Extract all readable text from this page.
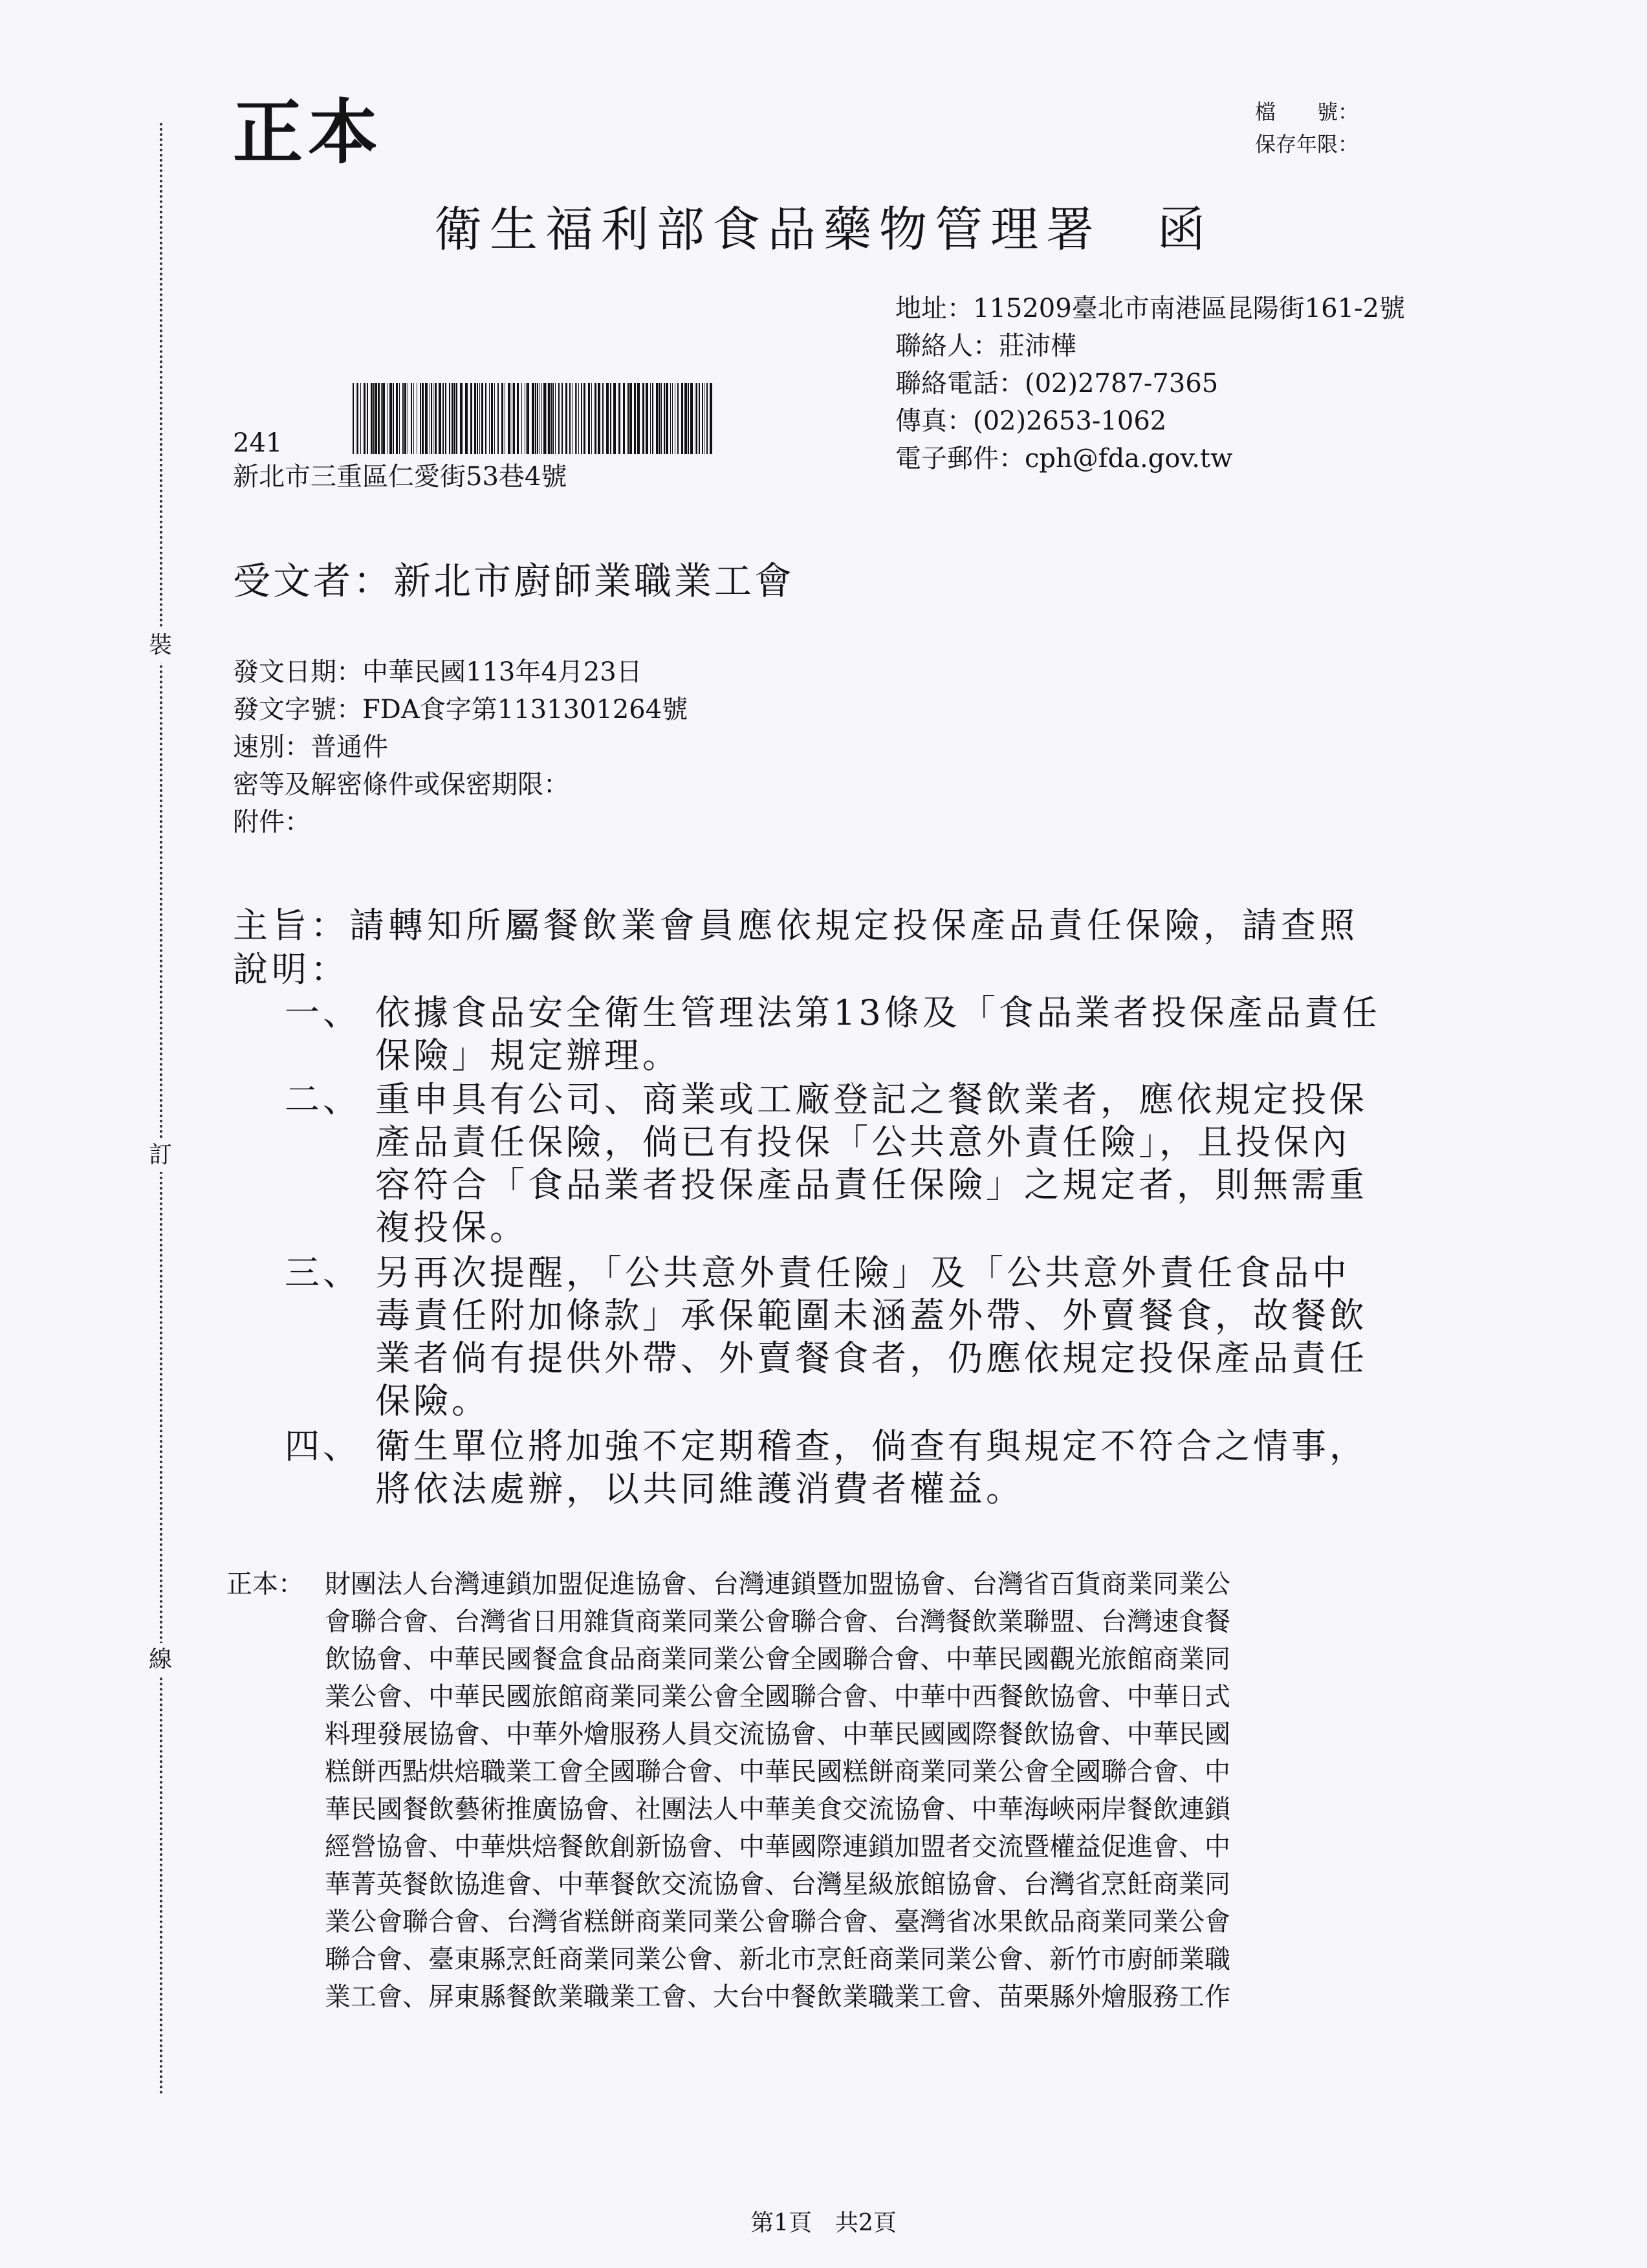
裝
訂
線
正本	檔　　號：
保存年限：
衛生福利部食品藥物管理署　函
地址：115209臺北市南港區昆陽街161-2號
聯絡人：莊沛樺
聯絡電話：(02)2787-7365
傳真：(02)2653-1062
電子郵件：cph@fda.gov.tw
241
新北市三重區仁愛街53巷4號
受文者：新北市廚師業職業工會
發文日期：中華民國113年4月23日
發文字號：FDA食字第1131301264號
速別：普通件
密等及解密條件或保密期限：
附件：
主旨：請轉知所屬餐飲業會員應依規定投保產品責任保險，請查照
說明：
一、 依據食品安全衛生管理法第13條及「食品業者投保產品責任
保險」規定辦理。
二、 重申具有公司、商業或工廠登記之餐飲業者，應依規定投保
產品責任保險，倘已有投保「公共意外責任險」，且投保內
容符合「食品業者投保產品責任保險」之規定者，則無需重
複投保。
三、 另再次提醒，「公共意外責任險」及「公共意外責任食品中
毒責任附加條款」承保範圍未涵蓋外帶、外賣餐食，故餐飲
業者倘有提供外帶、外賣餐食者，仍應依規定投保產品責任
保險。
四、 衛生單位將加強不定期稽查，倘查有與規定不符合之情事，
將依法處辦，以共同維護消費者權益。
正本： 財團法人台灣連鎖加盟促進協會、台灣連鎖暨加盟協會、台灣省百貨商業同業公
會聯合會、台灣省日用雜貨商業同業公會聯合會、台灣餐飲業聯盟、台灣速食餐
飲協會、中華民國餐盒食品商業同業公會全國聯合會、中華民國觀光旅館商業同
業公會、中華民國旅館商業同業公會全國聯合會、中華中西餐飲協會、中華日式
料理發展協會、中華外燴服務人員交流協會、中華民國國際餐飲協會、中華民國
糕餅西點烘焙職業工會全國聯合會、中華民國糕餅商業同業公會全國聯合會、中
華民國餐飲藝術推廣協會、社團法人中華美食交流協會、中華海峽兩岸餐飲連鎖
經營協會、中華烘焙餐飲創新協會、中華國際連鎖加盟者交流暨權益促進會、中
華菁英餐飲協進會、中華餐飲交流協會、台灣星級旅館協會、台灣省烹飪商業同
業公會聯合會、台灣省糕餅商業同業公會聯合會、臺灣省冰果飲品商業同業公會
聯合會、臺東縣烹飪商業同業公會、新北市烹飪商業同業公會、新竹市廚師業職
業工會、屏東縣餐飲業職業工會、大台中餐飲業職業工會、苗栗縣外燴服務工作
第1頁　共2頁
